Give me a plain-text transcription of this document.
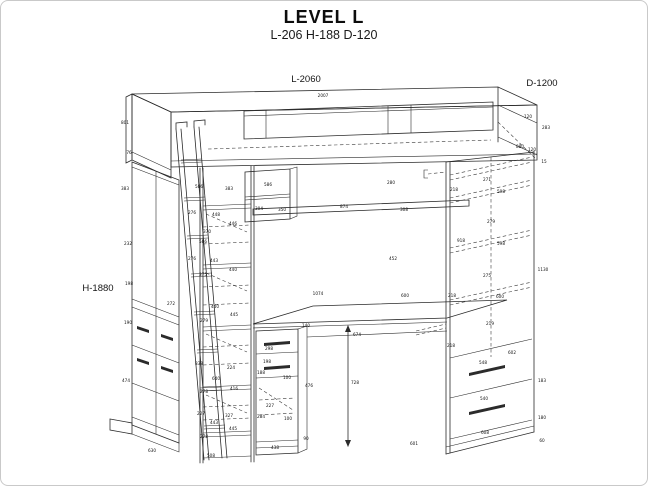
LEVEL L
L-206 H-188 D-120
L-2060	D-1200
H-1880
2007
120
283
880
120
15
801
76
383
232
198
190
474
630
586	383
276	448
446
370
586
276	443
440
375
272
440
445
279
838
224
640
416
278
227	327
443
445
278
508
586
304	350
874
280
308
452
1074	600
140
674
298
198
188
100
476
728
227
284	100
90
438
601
271
218	598
279
918
598
275
218	600
219
218
602
548
183
540
180
608
60
1130
